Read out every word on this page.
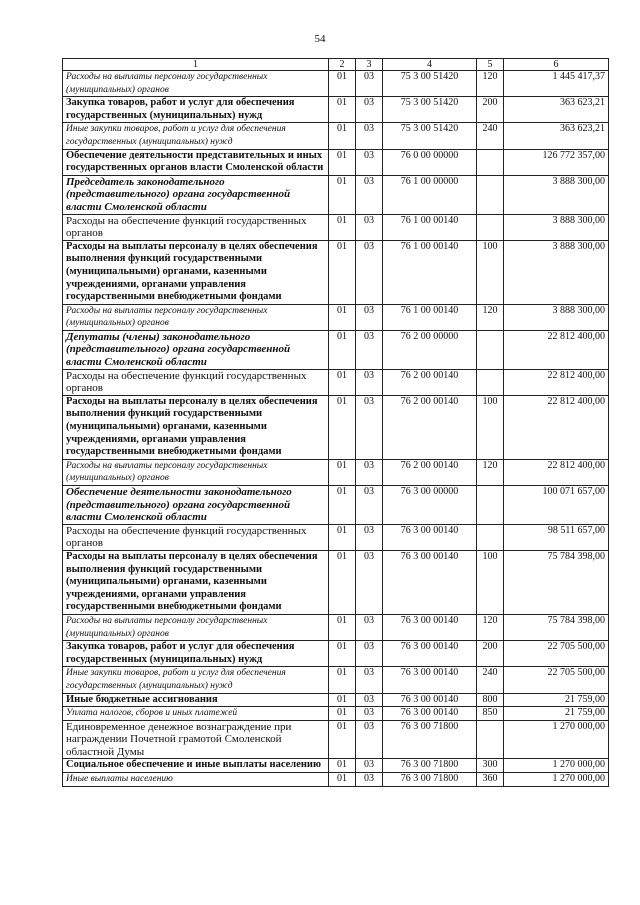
54
1	2	3	4	5	6
Расходы на выплаты персоналу государственных (муниципальных) органов	01	03	75 3 00 51420	120	1 445 417,37
Закупка товаров, работ и услуг для обеспечения государственных (муниципальных) нужд	01	03	75 3 00 51420	200	363 623,21
Иные закупки товаров, работ и услуг для обеспечения государственных (муниципальных) нужд	01	03	75 3 00 51420	240	363 623,21
Обеспечение деятельности представительных и иных государственных органов власти Смоленской области	01	03	76 0 00 00000		126 772 357,00
Председатель законодательного (представительного) органа государственной власти Смоленской области	01	03	76 1 00 00000		3 888 300,00
Расходы на обеспечение функций государственных органов	01	03	76 1 00 00140		3 888 300,00
Расходы на выплаты персоналу в целях обеспечения выполнения функций государственными (муниципальными) органами, казенными учреждениями, органами управления государственными внебюджетными фондами	01	03	76 1 00 00140	100	3 888 300,00
Расходы на выплаты персоналу государственных (муниципальных) органов	01	03	76 1 00 00140	120	3 888 300,00
Депутаты (члены) законодательного (представительного) органа государственной власти Смоленской области	01	03	76 2 00 00000		22 812 400,00
Расходы на обеспечение функций государственных органов	01	03	76 2 00 00140		22 812 400,00
Расходы на выплаты персоналу в целях обеспечения выполнения функций государственными (муниципальными) органами, казенными учреждениями, органами управления государственными внебюджетными фондами	01	03	76 2 00 00140	100	22 812 400,00
Расходы на выплаты персоналу государственных (муниципальных) органов	01	03	76 2 00 00140	120	22 812 400,00
Обеспечение деятельности законодательного (представительного) органа государственной власти Смоленской области	01	03	76 3 00 00000		100 071 657,00
Расходы на обеспечение функций государственных органов	01	03	76 3 00 00140		98 511 657,00
Расходы на выплаты персоналу в целях обеспечения выполнения функций государственными (муниципальными) органами, казенными учреждениями, органами управления государственными внебюджетными фондами	01	03	76 3 00 00140	100	75 784 398,00
Расходы на выплаты персоналу государственных (муниципальных) органов	01	03	76 3 00 00140	120	75 784 398,00
Закупка товаров, работ и услуг для обеспечения государственных (муниципальных) нужд	01	03	76 3 00 00140	200	22 705 500,00
Иные закупки товаров, работ и услуг для обеспечения государственных (муниципальных) нужд	01	03	76 3 00 00140	240	22 705 500,00
Иные бюджетные ассигнования	01	03	76 3 00 00140	800	21 759,00
Уплата налогов, сборов и иных платежей	01	03	76 3 00 00140	850	21 759,00
Единовременное денежное вознаграждение при награждении Почетной грамотой Смоленской областной Думы	01	03	76 3 00 71800		1 270 000,00
Социальное обеспечение и иные выплаты населению	01	03	76 3 00 71800	300	1 270 000,00
Иные выплаты населению	01	03	76 3 00 71800	360	1 270 000,00
